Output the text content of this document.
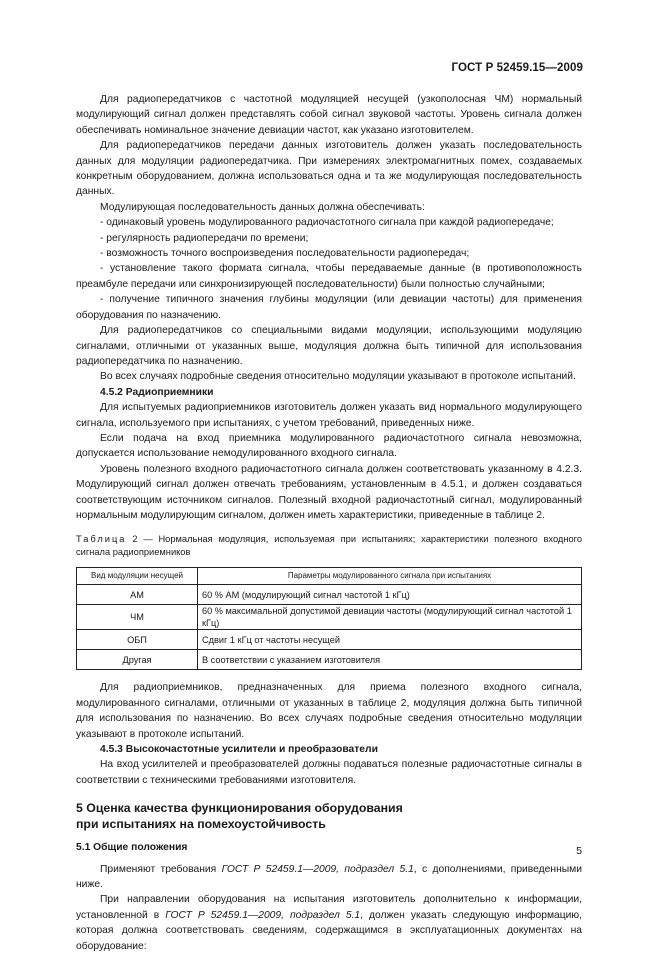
ГОСТ Р 52459.15—2009

Для радиопередатчиков с частотной модуляцией несущей (узкополосная ЧМ) нормальный модулирующий сигнал должен представлять собой сигнал звуковой частоты. Уровень сигнала должен обеспечивать номинальное значение девиации частот, как указано изготовителем.

Для радиопередатчиков передачи данных изготовитель должен указать последовательность данных для модуляции радиопередатчика. При измерениях электромагнитных помех, создаваемых конкретным оборудованием, должна использоваться одна и та же модулирующая последовательность данных.

Модулирующая последовательность данных должна обеспечивать:

- одинаковый уровень модулированного радиочастотного сигнала при каждой радиопередаче;

- регулярность радиопередачи по времени;

- возможность точного воспроизведения последовательности радиопередач;

- установление такого формата сигнала, чтобы передаваемые данные (в противоположность преамбуле передачи или синхронизирующей последовательности) были полностью случайными;

- получение типичного значения глубины модуляции (или девиации частоты) для применения оборудования по назначению.

Для радиопередатчиков со специальными видами модуляции, использующими модуляцию сигналами, отличными от указанных выше, модуляция должна быть типичной для использования радиопередатчика по назначению.

Во всех случаях подробные сведения относительно модуляции указывают в протоколе испытаний.

4.5.2 Радиоприемники

Для испытуемых радиоприемников изготовитель должен указать вид нормального модулирующего сигнала, используемого при испытаниях, с учетом требований, приведенных ниже.

Если подача на вход приемника модулированного радиочастотного сигнала невозможна, допускается использование немодулированного входного сигнала.

Уровень полезного входного радиочастотного сигнала должен соответствовать указанному в 4.2.3. Модулирующий сигнал должен отвечать требованиям, установленным в 4.5.1, и должен создаваться соответствующим источником сигналов. Полезный входной радиочастотный сигнал, модулированный нормальным модулирующим сигналом, должен иметь характеристики, приведенные в таблице 2.

Таблица 2 — Нормальная модуляция, используемая при испытаниях; характеристики полезного входного сигнала радиоприемников

Вид модуляции несущей	Параметры модулированного сигнала при испытаниях
АМ	60 % АМ (модулирующий сигнал частотой 1 кГц)
ЧМ	60 % максимальной допустимой девиации частоты (модулирующий сигнал частотой 1 кГц)
ОБП	Сдвиг 1 кГц от частоты несущей
Другая	В соответствии с указанием изготовителя

Для радиоприемников, предназначенных для приема полезного входного сигнала, модулированного сигналами, отличными от указанных в таблице 2, модуляция должна быть типичной для использования по назначению. Во всех случаях подробные сведения относительно модуляции указывают в протоколе испытаний.

4.5.3 Высокочастотные усилители и преобразователи

На вход усилителей и преобразователей должны подаваться полезные радиочастотные сигналы в соответствии с техническими требованиями изготовителя.

5 Оценка качества функционирования оборудования
при испытаниях на помехоустойчивость

5.1 Общие положения

Применяют требования ГОСТ Р 52459.1—2009, подраздел 5.1, с дополнениями, приведенными ниже.

При направлении оборудования на испытания изготовитель дополнительно к информации, установленной в ГОСТ Р 52459.1—2009, подраздел 5.1, должен указать следующую информацию, которая должна соответствовать сведениям, содержащимся в эксплуатационных документах на оборудование:

5
